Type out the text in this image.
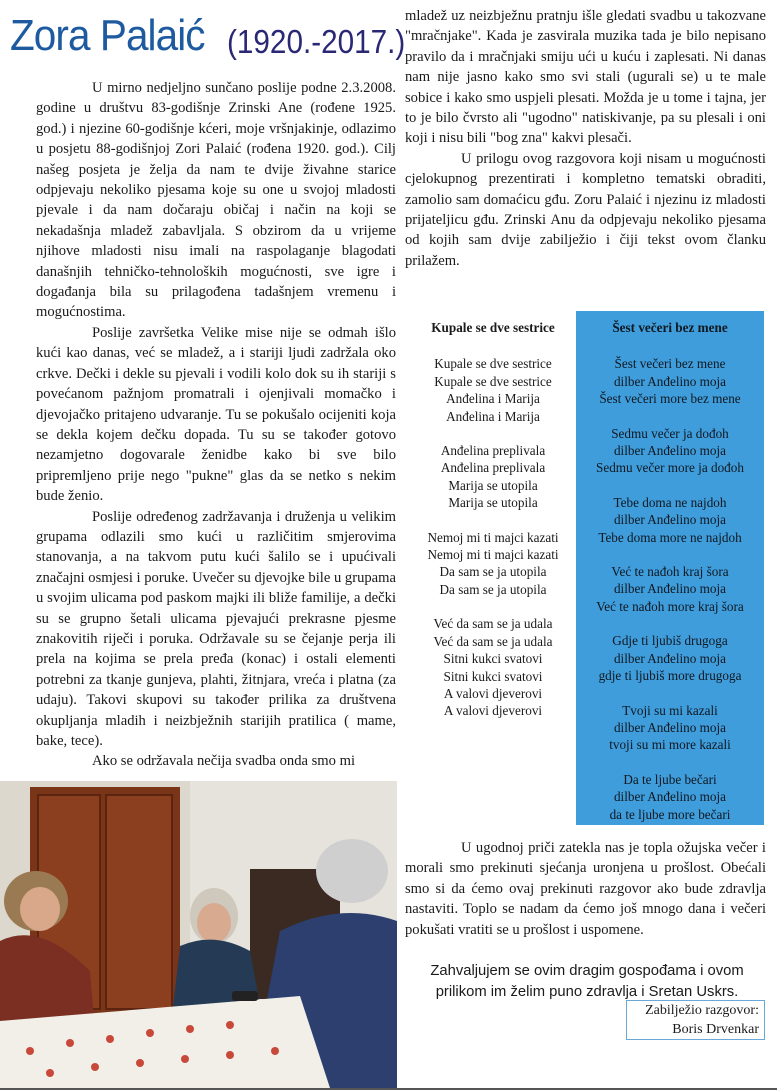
Zora Palaić (1920.-2017.)

U mirno nedjeljno sunčano poslije podne 2.3.2008. godine u društvu 83-godišnje Zrinski Ane (rođene 1925. god.) i njezine 60-godišnje kćeri, moje vršnjakinje, odlazimo u posjetu 88-godišnjoj Zori Palaić (rođena 1920. god.). Cilj našeg posjeta je želja da nam te dvije živahne starice odpjevaju nekoliko pjesama koje su one u svojoj mladosti pjevale i da nam dočaraju običaj i način na koji se nekadašnja mladež zabavljala. S obzirom da u vrijeme njihove mladosti nisu imali na raspolaganje blagodati današnjih tehničko-tehnoloških mogućnosti, sve igre i događanja bila su prilagođena tadašnjem vremenu i mogućnostima.

Poslije završetka Velike mise nije se odmah išlo kući kao danas, već se mladež, a i stariji ljudi zadržala oko crkve. Dečki i dekle su pjevali i vodili kolo dok su ih stariji s povećanom pažnjom promatrali i ojenjivali momačko i djevojačko pritajeno udvaranje. Tu se pokušalo ocijeniti koja se dekla kojem dečku dopada. Tu su se također gotovo nezamjetno dogovarale ženidbe kako bi sve bilo pripremljeno prije nego "pukne" glas da se netko s nekim bude ženio.

Poslije određenog zadržavanja i druženja u velikim grupama odlazili smo kući u različitim smjerovima stanovanja, a na takvom putu kući šalilo se i upućivali značajni osmjesi i poruke. Uvečer su djevojke bile u grupama u svojim ulicama pod paskom majki ili bliže familije, a dečki su se grupno šetali ulicama pjevajući prekrasne pjesme znakovitih riječi i poruka. Održavale su se čejanje perja ili prela na kojima se prela pređa (konac) i ostali elementi potrebni za tkanje gunjeva, plahti, žitnjara, vreća i platna (za udaju). Takovi skupovi su također prilika za društvena okupljanja mladih i neizbježnih starijih pratilica ( mame, bake, tece).

Ako se održavala nečija svadba onda smo mi

mladež uz neizbježnu pratnju išle gledati svadbu u takozvane "mračnjake". Kada je zasvirala muzika tada je bilo nepisano pravilo da i mračnjaki smiju ući u kuću i zaplesati. Ni danas nam nije jasno kako smo svi stali (ugurali se) u te male sobice i kako smo uspjeli plesati. Možda je u tome i tajna, jer to je bilo čvrsto ali "ugodno" natiskivanje, pa su plesali i oni koji i nisu bili "bog zna" kakvi plesači.

U prilogu ovog razgovora koji nisam u mogućnosti cjelokupnog prezentirati i kompletno tematski obraditi, zamolio sam domaćicu gđu. Zoru Palaić i njezinu iz mladosti prijateljicu gđu. Zrinski Anu da odpjevaju nekoliko pjesama od kojih sam dvije zabilježio i čiji tekst ovom članku prilažem.

Kupale se dve sestrice
Kupale se dve sestrice
Kupale se dve sestrice
Anđelina i Marija
Anđelina i Marija
Anđelina preplivala
Anđelina preplivala
Marija se utopila
Marija se utopila
Nemoj mi ti majci kazati
Nemoj mi ti majci kazati
Da sam se ja utopila
Da sam se ja utopila
Već da sam se ja udala
Već da sam se ja udala
Sitni kukci svatovi
Sitni kukci svatovi
A valovi djeverovi
A valovi djeverovi
Šest večeri bez mene
Šest večeri bez mene
dilber Anđelino moja
Šest večeri more bez mene
Sedmu večer ja dođoh
dilber Anđelino moja
Sedmu večer more ja dođoh
Tebe doma ne najdoh
dilber Anđelino moja
Tebe doma more ne najdoh
Već te nađoh kraj šora
dilber Anđelino moja
Već te nađoh more kraj šora
Gdje ti ljubiš drugoga
dilber Anđelino moja
gdje ti ljubiš more drugoga
Tvoji su mi kazali
dilber Anđelino moja
tvoji su mi more kazali
Da te ljube bečari
dilber Anđelino moja
da te ljube more bečari

U ugodnoj priči zatekla nas je topla ožujska večer i morali smo prekinuti sjećanja uronjena u prošlost. Obećali smo si da ćemo ovaj prekinuti razgovor ako bude zdravlja nastaviti. Toplo se nadam da ćemo još mnogo dana i večeri pokušati vratiti se u prošlost i uspomene.

Zahvaljujem se ovim dragim gospođama i ovom prilikom im želim puno zdravlja i Sretan Uskrs.
Zabilježio razgovor:
Boris Drvenkar
